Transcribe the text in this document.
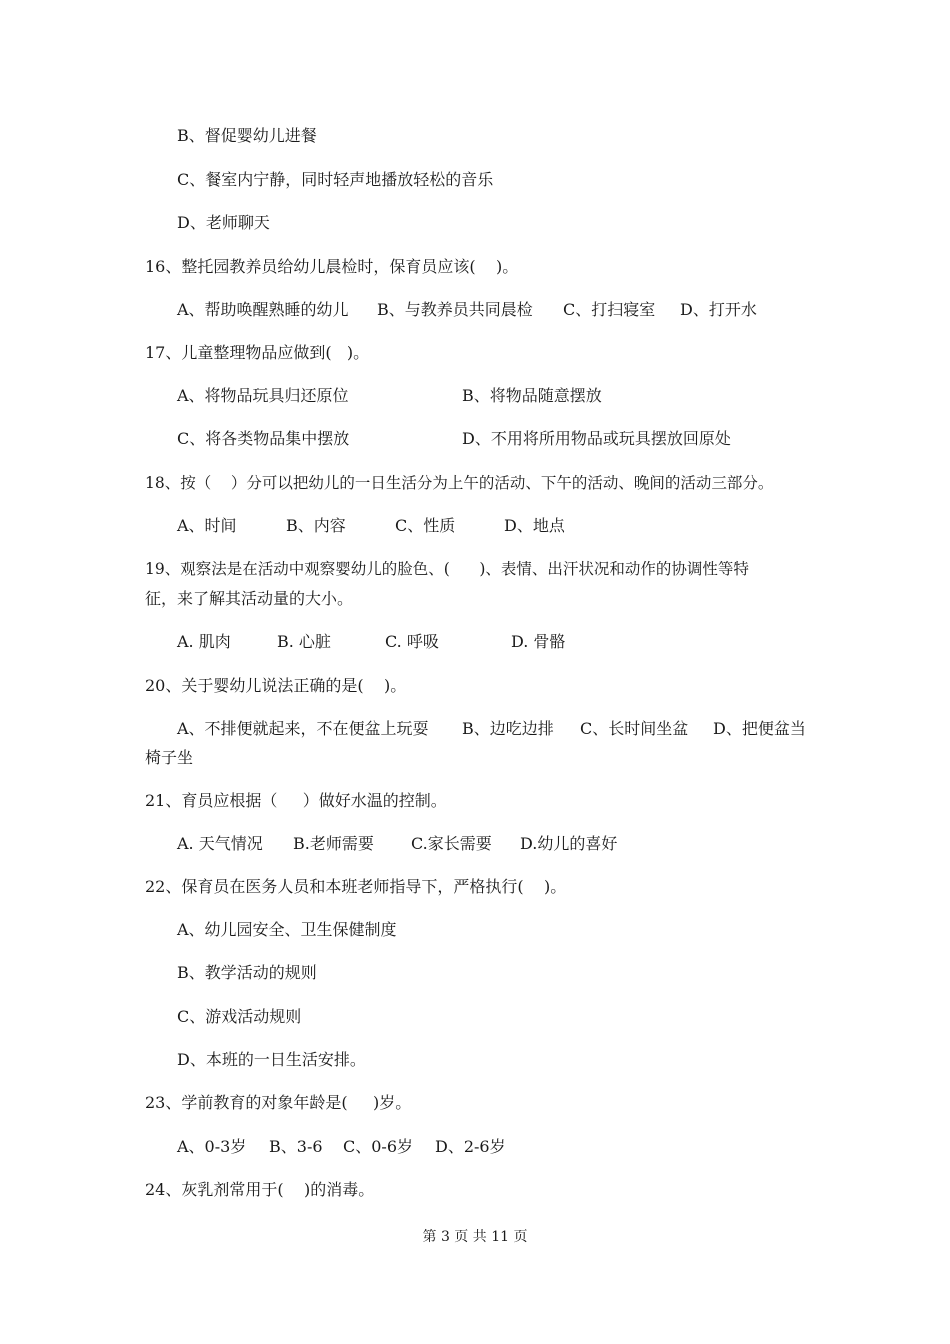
B、督促婴幼儿进餐
C、餐室内宁静，同时轻声地播放轻松的音乐
D、老师聊天
16、整托园教养员给幼儿晨检时，保育员应该(    )。
A、帮助唤醒熟睡的幼儿 B、与教养员共同晨检 C、打扫寝室 D、打开水
17、儿童整理物品应做到(   )。
A、将物品玩具归还原位	B、将物品随意摆放
C、将各类物品集中摆放	D、不用将所用物品或玩具摆放回原处
18、按（    ）分可以把幼儿的一日生活分为上午的活动、下午的活动、晚间的活动三部分。
A、时间	B、内容	C、性质	D、地点
19、观察法是在活动中观察婴幼儿的脸色、(      )、表情、出汗状况和动作的协调性等特
征，来了解其活动量的大小。
A. 肌肉	B. 心脏	C. 呼吸	D. 骨骼
20、关于婴幼儿说法正确的是(    )。
A、不排便就起来，不在便盆上玩耍 B、边吃边排 C、长时间坐盆 D、把便盆当
椅子坐
21、育员应根据（     ）做好水温的控制。
A. 天气情况 B.老师需要 C.家长需要 D.幼儿的喜好
22、保育员在医务人员和本班老师指导下，严格执行(    )。
A、幼儿园安全、卫生保健制度
B、教学活动的规则
C、游戏活动规则
D、本班的一日生活安排。
23、学前教育的对象年龄是(     )岁。
A、0-3岁 B、3-6 C、0-6岁 D、2-6岁
24、灰乳剂常用于(    )的消毒。
第 3 页 共 11 页
